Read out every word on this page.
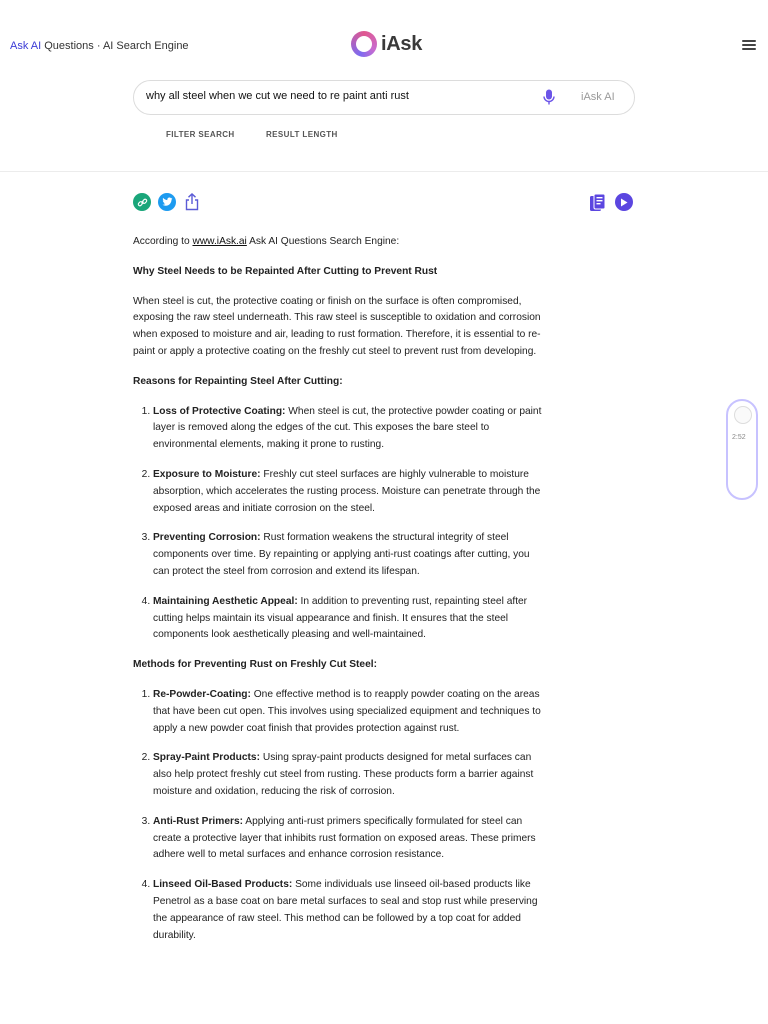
Ask AI Questions · AI Search Engine	iAsk
why all steel when we cut we need to re paint anti rust
iAsk AI
FILTER SEARCH	RESULT LENGTH

According to www.iAsk.ai Ask AI Questions Search Engine:

Why Steel Needs to be Repainted After Cutting to Prevent Rust

When steel is cut, the protective coating or finish on the surface is often compromised, exposing the raw steel underneath. This raw steel is susceptible to oxidation and corrosion when exposed to moisture and air, leading to rust formation. Therefore, it is essential to re-paint or apply a protective coating on the freshly cut steel to prevent rust from developing.

Reasons for Repainting Steel After Cutting:

1. Loss of Protective Coating: When steel is cut, the protective powder coating or paint layer is removed along the edges of the cut. This exposes the bare steel to environmental elements, making it prone to rusting.
2. Exposure to Moisture: Freshly cut steel surfaces are highly vulnerable to moisture absorption, which accelerates the rusting process. Moisture can penetrate through the exposed areas and initiate corrosion on the steel.
3. Preventing Corrosion: Rust formation weakens the structural integrity of steel components over time. By repainting or applying anti-rust coatings after cutting, you can protect the steel from corrosion and extend its lifespan.
4. Maintaining Aesthetic Appeal: In addition to preventing rust, repainting steel after cutting helps maintain its visual appearance and finish. It ensures that the steel components look aesthetically pleasing and well-maintained.

Methods for Preventing Rust on Freshly Cut Steel:

1. Re-Powder-Coating: One effective method is to reapply powder coating on the areas that have been cut open. This involves using specialized equipment and techniques to apply a new powder coat finish that provides protection against rust.
2. Spray-Paint Products: Using spray-paint products designed for metal surfaces can also help protect freshly cut steel from rusting. These products form a barrier against moisture and oxidation, reducing the risk of corrosion.
3. Anti-Rust Primers: Applying anti-rust primers specifically formulated for steel can create a protective layer that inhibits rust formation on exposed areas. These primers adhere well to metal surfaces and enhance corrosion resistance.
4. Linseed Oil-Based Products: Some individuals use linseed oil-based products like Penetrol as a base coat on bare metal surfaces to seal and stop rust while preserving the appearance of raw steel. This method can be followed by a top coat for added durability.
2:52
